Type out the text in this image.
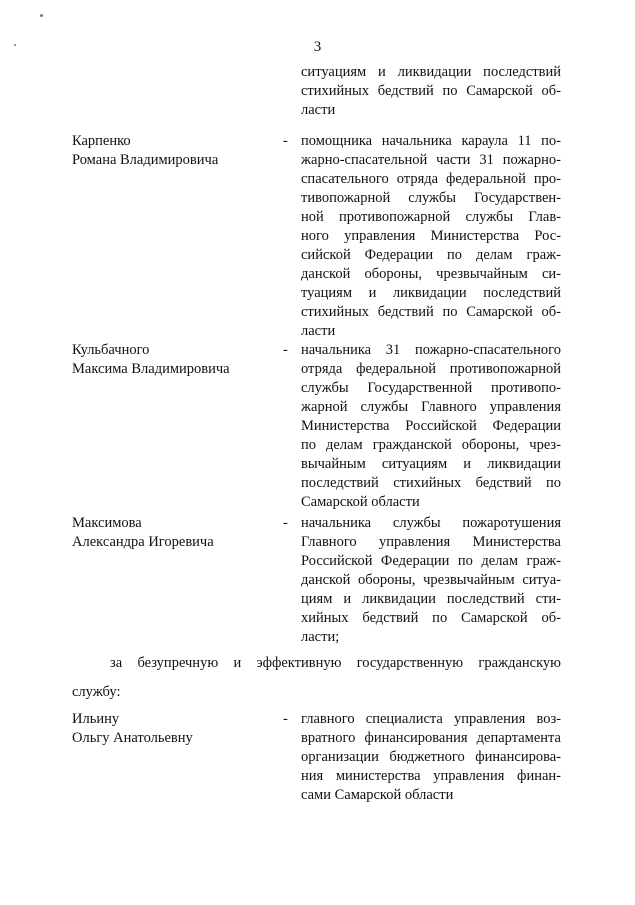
3
ситуациям и ликвидации последствий
стихийных бедствий по Самарской об-
ласти
Карпенко
Романа Владимировича
- помощника начальника караула 11 по-
жарно-спасательной части 31 пожарно-
спасательного отряда федеральной про-
тивопожарной службы Государствен-
ной противопожарной службы Глав-
ного управления Министерства Рос-
сийской Федерации по делам граж-
данской обороны, чрезвычайным си-
туациям и ликвидации последствий
стихийных бедствий по Самарской об-
ласти
Кульбачного
Максима Владимировича
- начальника 31 пожарно-спасательного
отряда федеральной противопожарной
службы Государственной противопо-
жарной службы Главного управления
Министерства Российской Федерации
по делам гражданской обороны, чрез-
вычайным ситуациям и ликвидации
последствий стихийных бедствий по
Самарской области
Максимова
Александра Игоревича
- начальника службы пожаротушения
Главного управления Министерства
Российской Федерации по делам граж-
данской обороны, чрезвычайным ситуа-
циям и ликвидации последствий сти-
хийных бедствий по Самарской об-
ласти;
за безупречную и эффективную государственную гражданскую
службу:
Ильину
Ольгу Анатольевну
- главного специалиста управления воз-
вратного финансирования департамента
организации бюджетного финансирова-
ния министерства управления финан-
сами Самарской области
